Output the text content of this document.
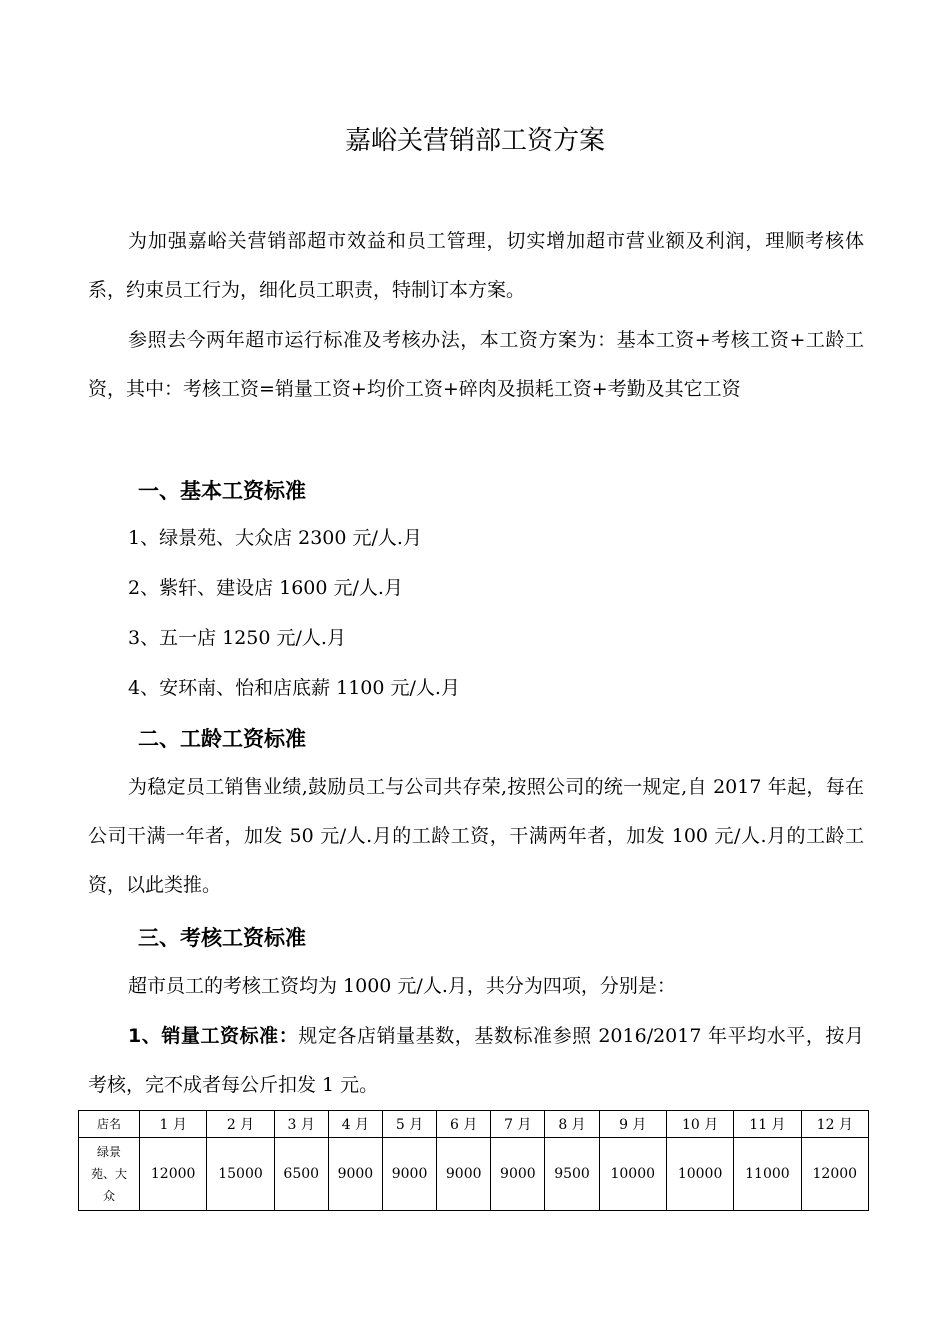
嘉峪关营销部工资方案

为加强嘉峪关营销部超市效益和员工管理，切实增加超市营业额及利润，理顺考核体系，约束员工行为，细化员工职责，特制订本方案。

参照去今两年超市运行标准及考核办法，本工资方案为：基本工资+考核工资+工龄工资，其中：考核工资=销量工资+均价工资+碎肉及损耗工资+考勤及其它工资

一、基本工资标准

1、绿景苑、大众店 2300 元/人.月

2、紫轩、建设店 1600 元/人.月

3、五一店 1250 元/人.月

4、安环南、怡和店底薪 1100 元/人.月

二、工龄工资标准

为稳定员工销售业绩,鼓励员工与公司共存荣,按照公司的统一规定,自 2017 年起，每在公司干满一年者，加发 50 元/人.月的工龄工资，干满两年者，加发 100 元/人.月的工龄工资，以此类推。

三、考核工资标准

超市员工的考核工资均为 1000 元/人.月，共分为四项，分别是：

1、销量工资标准：规定各店销量基数，基数标准参照 2016/2017 年平均水平，按月考核，完不成者每公斤扣发 1 元。

店名	1 月	2 月	3 月	4 月	5 月	6 月	7 月	8 月	9 月	10 月	11 月	12 月
绿景苑、大众	12000	15000	6500	9000	9000	9000	9000	9500	10000	10000	11000	12000
